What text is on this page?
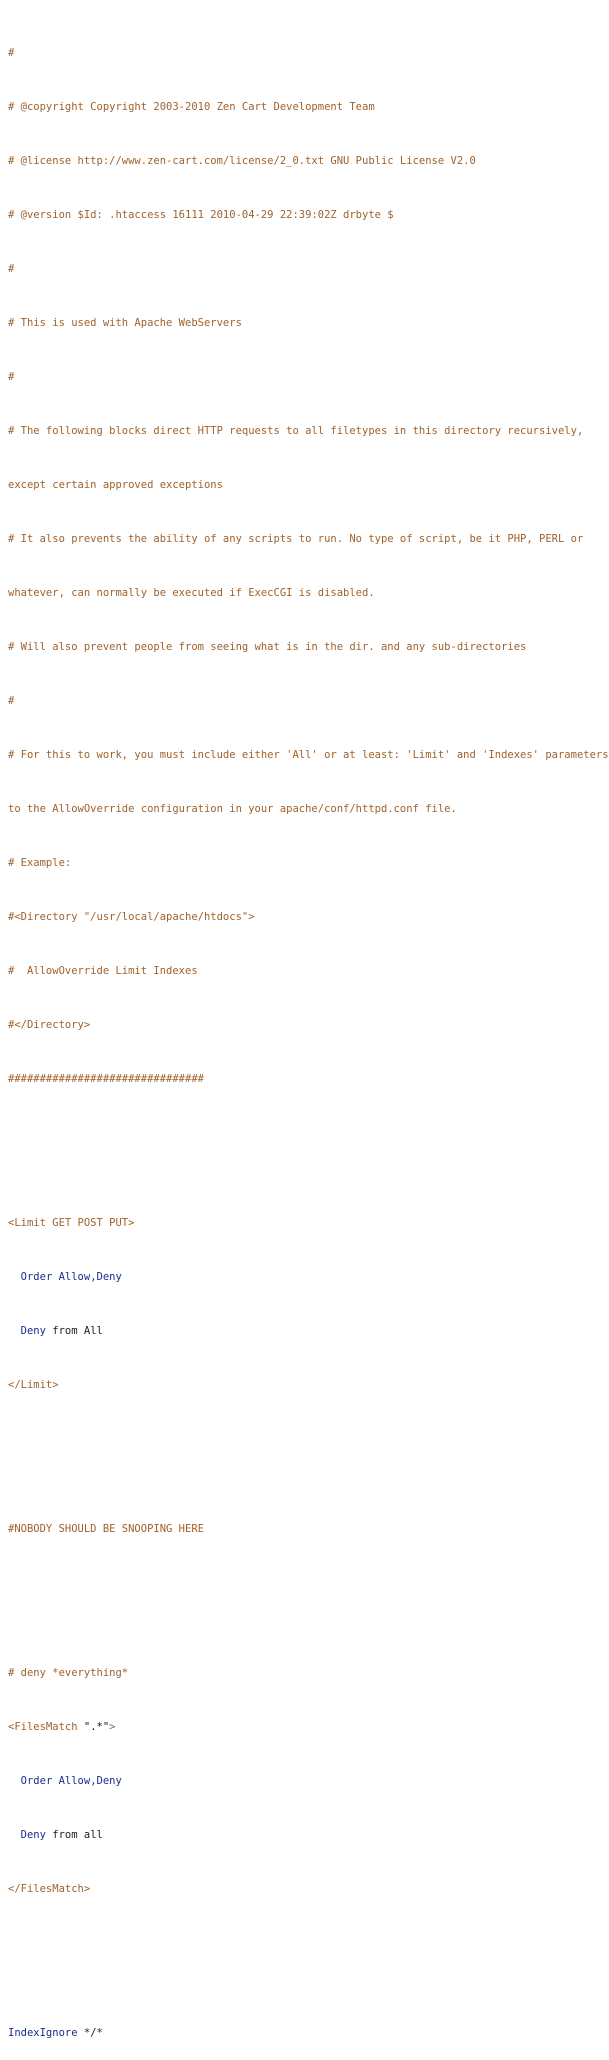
#

# @copyright Copyright 2003-2010 Zen Cart Development Team

# @license http://www.zen-cart.com/license/2_0.txt GNU Public License V2.0

# @version $Id: .htaccess 16111 2010-04-29 22:39:02Z drbyte $

#

# This is used with Apache WebServers

#

# The following blocks direct HTTP requests to all filetypes in this directory recursively,

except certain approved exceptions

# It also prevents the ability of any scripts to run. No type of script, be it PHP, PERL or

whatever, can normally be executed if ExecCGI is disabled.

# Will also prevent people from seeing what is in the dir. and any sub-directories

#

# For this to work, you must include either 'All' or at least: 'Limit' and 'Indexes' parameters

to the AllowOverride configuration in your apache/conf/httpd.conf file.

# Example:

#<Directory "/usr/local/apache/htdocs">

#  AllowOverride Limit Indexes

#</Directory>

###############################

<Limit GET POST PUT>

Order Allow,Deny

Deny from All

</Limit>

#NOBODY SHOULD BE SNOOPING HERE

# deny *everything*

<FilesMatch ".*">

Order Allow,Deny

Deny from all

</FilesMatch>

IndexIgnore */*
